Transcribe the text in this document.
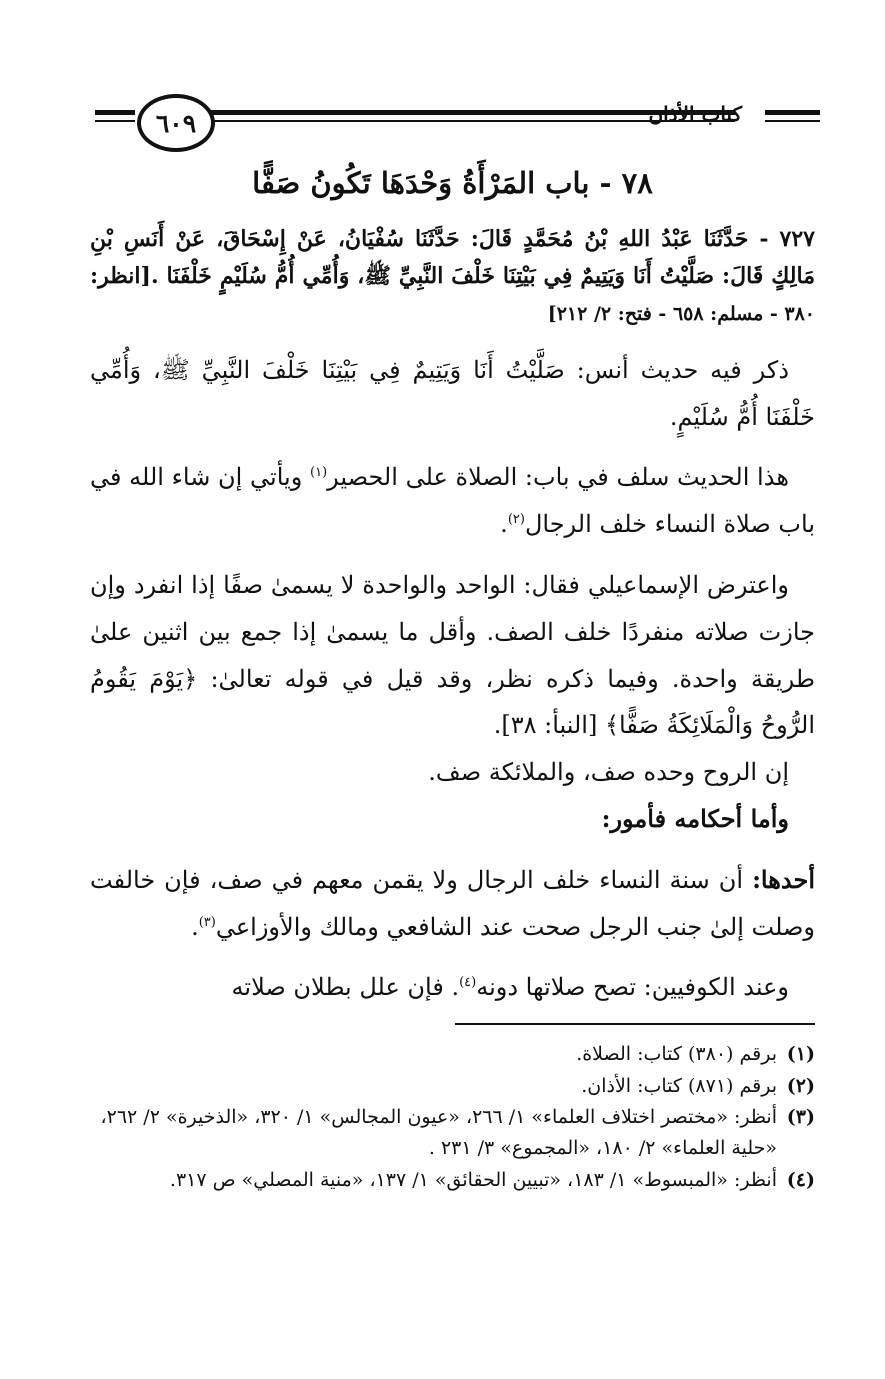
كتاب الأذان
٦٠٩
٧٨ - باب المَرْأَةُ وَحْدَهَا تَكُونُ صَفًّا

٧٢٧ - حَدَّثَنَا عَبْدُ اللهِ بْنُ مُحَمَّدٍ قَالَ: حَدَّثَنَا سُفْيَانُ، عَنْ إِسْحَاقَ، عَنْ أَنَسِ بْنِ مَالِكٍ قَالَ: صَلَّيْتُ أَنَا وَيَتِيمٌ فِي بَيْتِنَا خَلْفَ النَّبِيِّ ﷺ، وَأُمِّي أُمُّ سُلَيْمٍ خَلْفَنَا .[انظر: ٣٨٠ - مسلم: ٦٥٨ - فتح: ٢/ ٢١٢]

ذكر فيه حديث أنس: صَلَّيْتُ أَنَا وَيَتِيمٌ فِي بَيْتِنَا خَلْفَ النَّبِيِّ ﷺ، وَأُمِّي خَلْفَنَا أُمُّ سُلَيْمٍ.

هذا الحديث سلف في باب: الصلاة على الحصير$^{(١)}$ ويأتي إن شاء الله في باب صلاة النساء خلف الرجال$^{(٢)}$.

واعترض الإسماعيلي فقال: الواحد والواحدة لا يسمىٰ صفًا إذا انفرد وإن جازت صلاته منفردًا خلف الصف. وأقل ما يسمىٰ إذا جمع بين اثنين علىٰ طريقة واحدة. وفيما ذكره نظر، وقد قيل في قوله تعالىٰ: ﴿يَوْمَ يَقُومُ الرُّوحُ وَالْمَلَائِكَةُ صَفًّا﴾ [النبأ: ٣٨].

إن الروح وحده صف، والملائكة صف.

وأما أحكامه فأمور:

أحدها: أن سنة النساء خلف الرجال ولا يقمن معهم في صف، فإن خالفت وصلت إلىٰ جنب الرجل صحت عند الشافعي ومالك والأوزاعي$^{(٣)}$.

وعند الكوفيين: تصح صلاتها دونه$^{(٤)}$. فإن علل بطلان صلاته

(١)
برقم (٣٨٠) كتاب: الصلاة.
(٢)
برقم (٨٧١) كتاب: الأذان.
(٣)
أنظر: «مختصر اختلاف العلماء» ١/ ٢٦٦، «عيون المجالس» ١/ ٣٢٠، «الذخيرة» ٢/ ٢٦٢، «حلية العلماء» ٢/ ١٨٠، «المجموع» ٣/ ٢٣١ .
(٤)
أنظر: «المبسوط» ١/ ١٨٣، «تبيين الحقائق» ١/ ١٣٧، «منية المصلي» ص ٣١٧.
